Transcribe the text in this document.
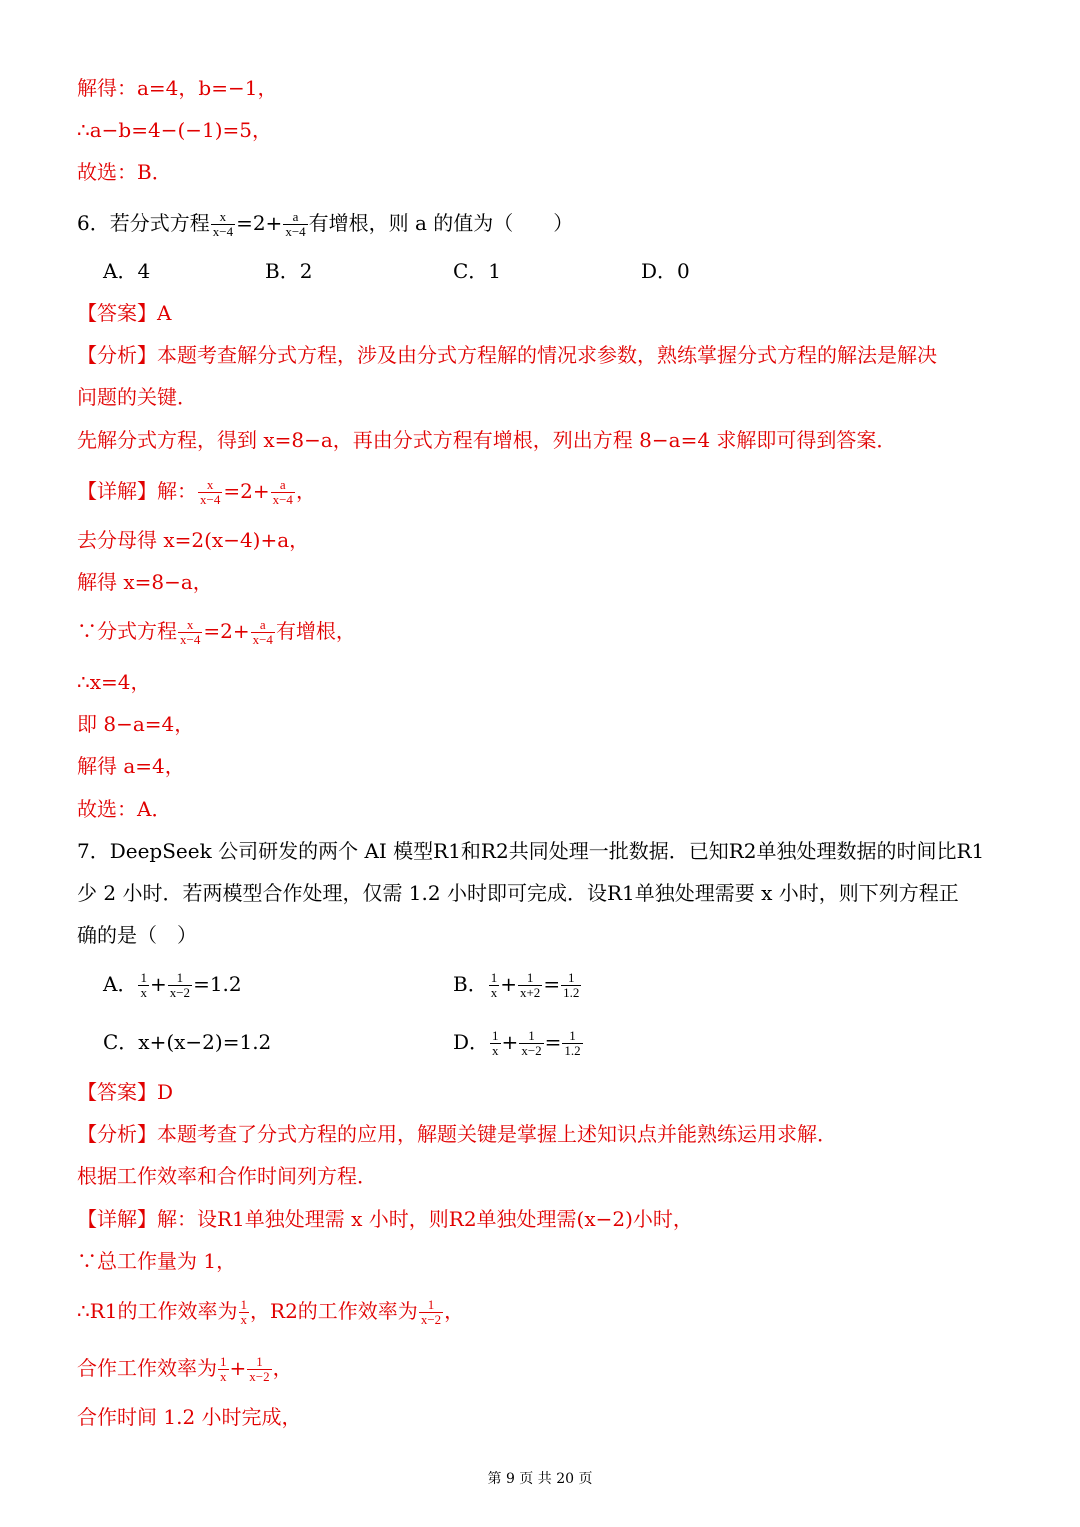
解得：a=4，b=−1，
∴a−b=4−(−1)=5，
故选：B．
6．若分式方程 $\frac{x}{x-4} =2+ \frac{a}{x-4}$ 有增根，则 a 的值为（　　）
A．4	B．2	C．1	D．0
【答案】A
【分析】本题考查解分式方程，涉及由分式方程解的情况求参数，熟练掌握分式方程的解法是解决
问题的关键．
先解分式方程，得到 x=8−a，再由分式方程有增根，列出方程 8−a=4 求解即可得到答案．
【详解】解： $\frac{x}{x-4} =2+ \frac{a}{x-4}$ ，
去分母得 x=2(x−4)+a，
解得 x=8−a，
∵分式方程 $\frac{x}{x-4} =2+ \frac{a}{x-4}$ 有增根，
∴x=4，
即 8−a=4，
解得 a=4，
故选：A．
7．DeepSeek 公司研发的两个 AI 模型R1和R2共同处理一批数据．已知R2单独处理数据的时间比R1
少 2 小时．若两模型合作处理，仅需 1.2 小时即可完成．设R1单独处理需要 x 小时，则下列方程正
确的是（　）
A． $\frac{1}{x} + \frac{1}{x-2} =1.2$	B． $\frac{1}{x} + \frac{1}{x+2} = \frac{1}{1.2}$
C．x+(x−2)=1.2	D． $\frac{1}{x} + \frac{1}{x-2} = \frac{1}{1.2}$
【答案】D
【分析】本题考查了分式方程的应用，解题关键是掌握上述知识点并能熟练运用求解．
根据工作效率和合作时间列方程．
【详解】解：设R1单独处理需 x 小时，则R2单独处理需(x−2)小时，
∵总工作量为 1，
∴R1的工作效率为 $\frac{1}{x}$ ，R2的工作效率为 $\frac{1}{x-2}$ ，
合作工作效率为 $\frac{1}{x} + \frac{1}{x-2}$ ，
合作时间 1.2 小时完成，
第 9 页 共 20 页
